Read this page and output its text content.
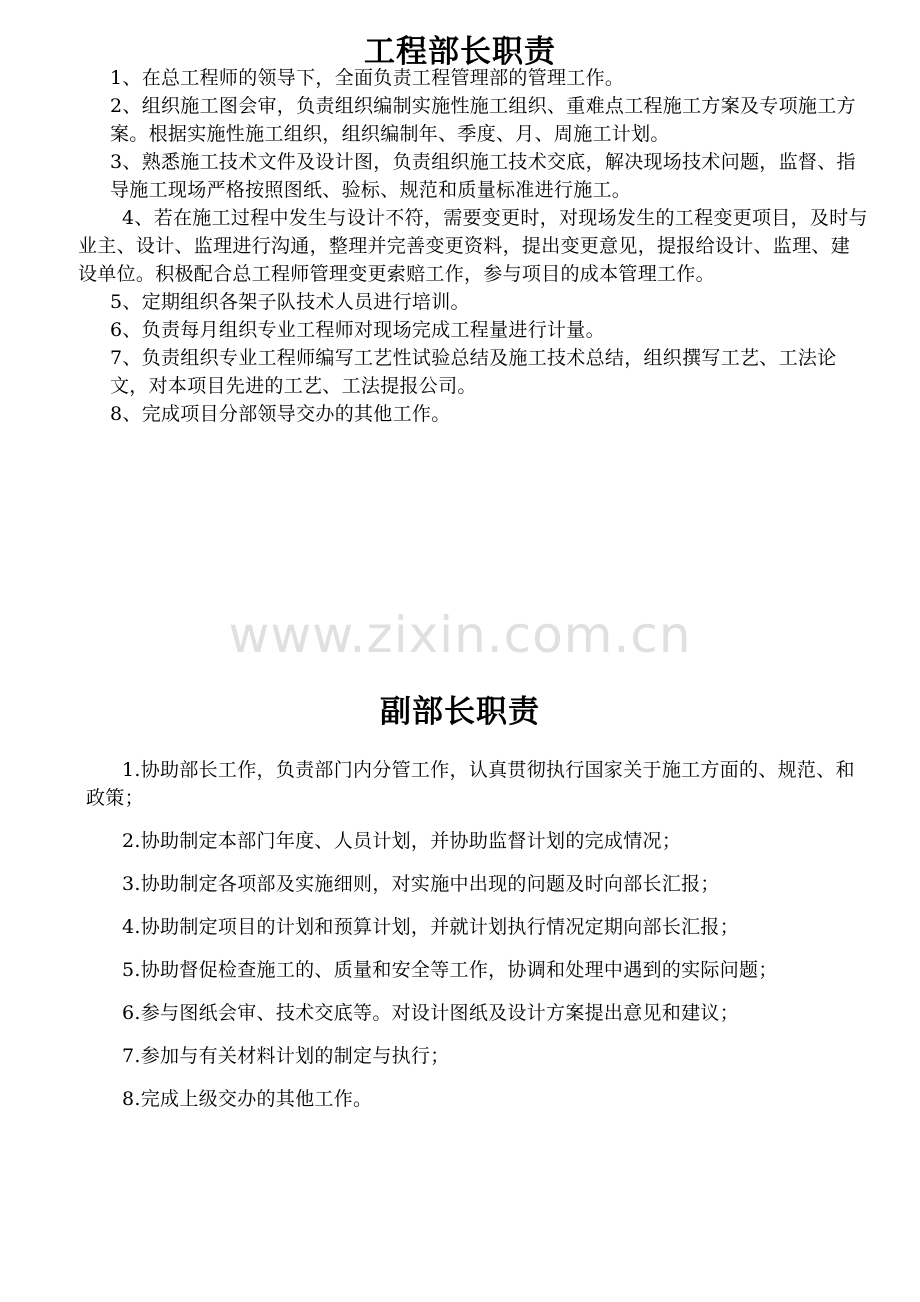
工程部长职责

1、在总工程师的领导下，全面负责工程管理部的管理工作。

2、组织施工图会审，负责组织编制实施性施工组织、重难点工程施工方案及专项施工方案。根据实施性施工组织，组织编制年、季度、月、周施工计划。

3、熟悉施工技术文件及设计图，负责组织施工技术交底，解决现场技术问题，监督、指导施工现场严格按照图纸、验标、规范和质量标准进行施工。

4、若在施工过程中发生与设计不符，需要变更时，对现场发生的工程变更项目，及时与业主、设计、监理进行沟通，整理并完善变更资料，提出变更意见，提报给设计、监理、建设单位。积极配合总工程师管理变更索赔工作，参与项目的成本管理工作。

5、定期组织各架子队技术人员进行培训。

6、负责每月组织专业工程师对现场完成工程量进行计量。

7、负责组织专业工程师编写工艺性试验总结及施工技术总结，组织撰写工艺、工法论文，对本项目先进的工艺、工法提报公司。

8、完成项目分部领导交办的其他工作。

www.zixin.com.cn
副部长职责

1.协助部长工作，负责部门内分管工作，认真贯彻执行国家关于施工方面的、规范、和政策；

2.协助制定本部门年度、人员计划，并协助监督计划的完成情况；

3.协助制定各项部及实施细则，对实施中出现的问题及时向部长汇报；

4.协助制定项目的计划和预算计划，并就计划执行情况定期向部长汇报；

5.协助督促检查施工的、质量和安全等工作，协调和处理中遇到的实际问题；

6.参与图纸会审、技术交底等。对设计图纸及设计方案提出意见和建议；

7.参加与有关材料计划的制定与执行；

8.完成上级交办的其他工作。
